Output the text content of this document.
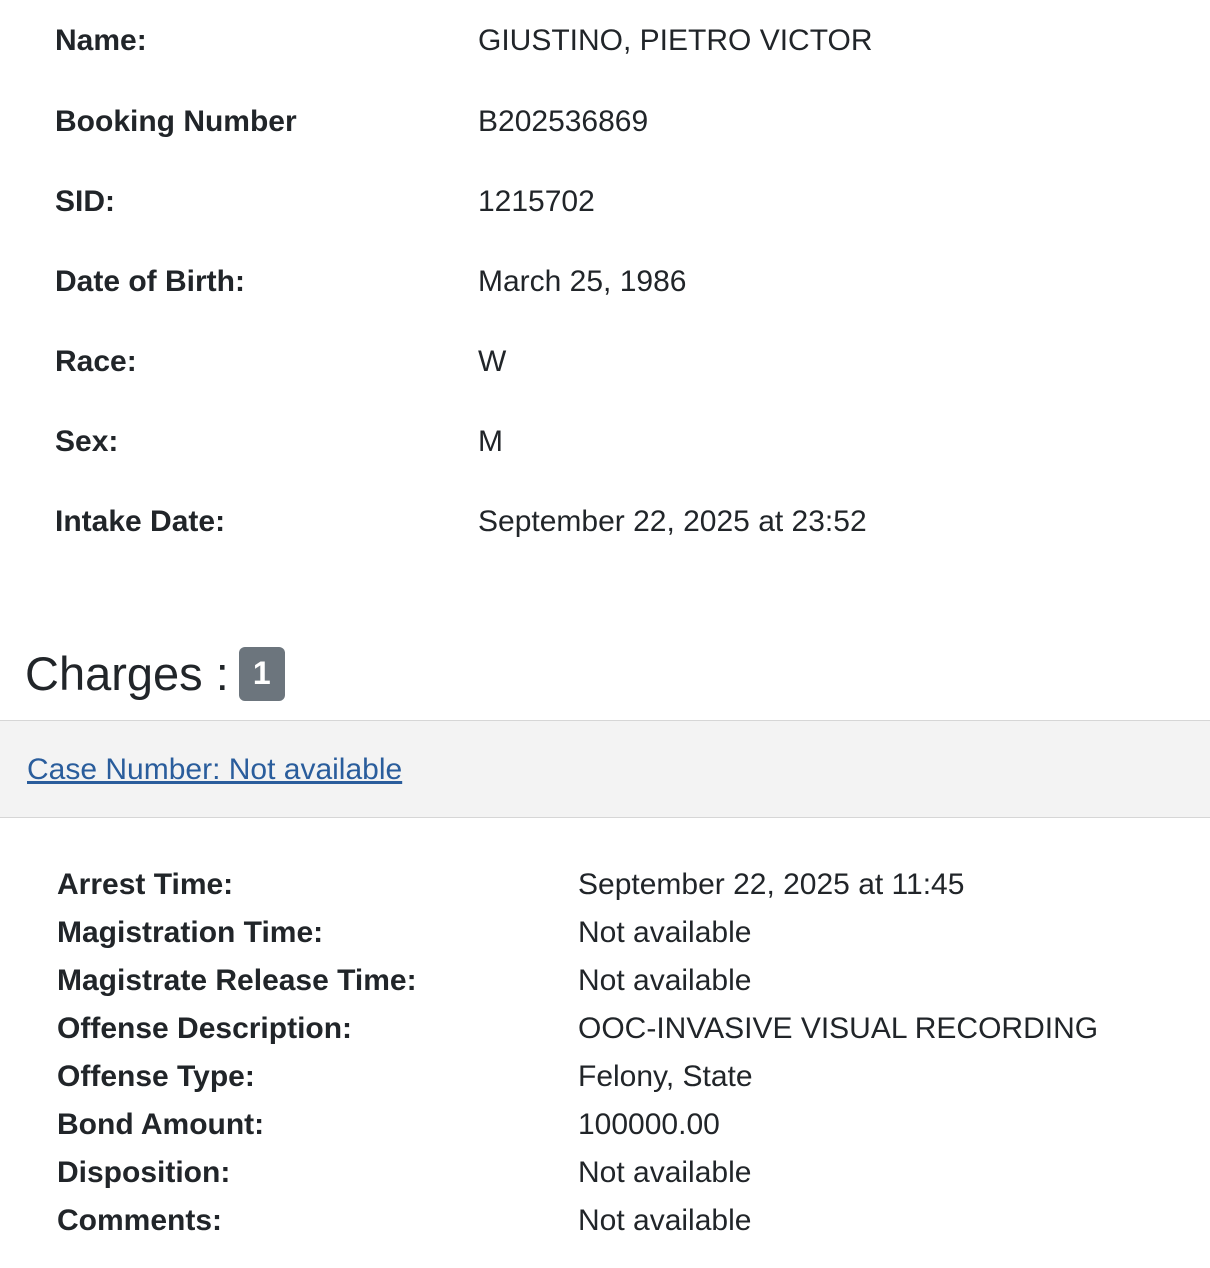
Name:	GIUSTINO, PIETRO VICTOR
Booking Number	B202536869
SID:	1215702
Date of Birth:	March 25, 1986
Race:	W
Sex:	M
Intake Date:	September 22, 2025 at 23:52
Charges : 1
Case Number: Not available
Arrest Time:	September 22, 2025 at 11:45
Magistration Time:	Not available
Magistrate Release Time:	Not available
Offense Description:	OOC-INVASIVE VISUAL RECORDING
Offense Type:	Felony, State
Bond Amount:	100000.00
Disposition:	Not available
Comments:	Not available
